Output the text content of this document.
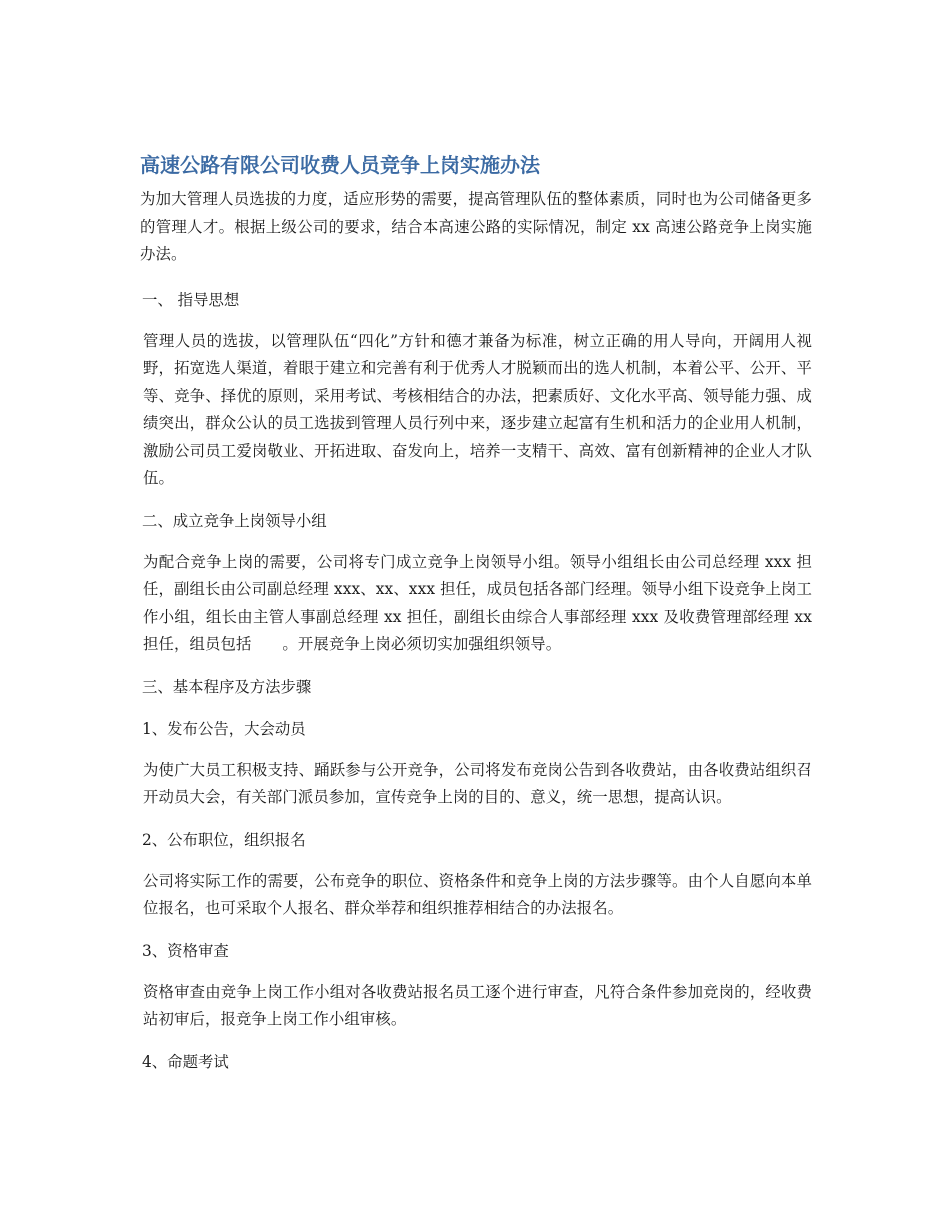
高速公路有限公司收费人员竞争上岗实施办法

为加大管理人员选拔的力度，适应形势的需要，提高管理队伍的整体素质，同时也为公司储备更多的管理人才。根据上级公司的要求，结合本高速公路的实际情况，制定 xx 高速公路竞争上岗实施办法。

一、 指导思想

管理人员的选拔，以管理队伍“四化”方针和德才兼备为标准，树立正确的用人导向，开阔用人视野，拓宽选人渠道，着眼于建立和完善有利于优秀人才脱颖而出的选人机制，本着公平、公开、平等、竞争、择优的原则，采用考试、考核相结合的办法，把素质好、文化水平高、领导能力强、成绩突出，群众公认的员工选拔到管理人员行列中来，逐步建立起富有生机和活力的企业用人机制，激励公司员工爱岗敬业、开拓进取、奋发向上，培养一支精干、高效、富有创新精神的企业人才队伍。

二、成立竞争上岗领导小组

为配合竞争上岗的需要，公司将专门成立竞争上岗领导小组。领导小组组长由公司总经理 xxx 担任，副组长由公司副总经理 xxx、xx、xxx 担任，成员包括各部门经理。领导小组下设竞争上岗工作小组，组长由主管人事副总经理 xx 担任，副组长由综合人事部经理 xxx 及收费管理部经理 xx 担任，组员包括　　。开展竞争上岗必须切实加强组织领导。

三、基本程序及方法步骤

1、发布公告，大会动员

为使广大员工积极支持、踊跃参与公开竞争，公司将发布竞岗公告到各收费站，由各收费站组织召开动员大会，有关部门派员参加，宣传竞争上岗的目的、意义，统一思想，提高认识。

2、公布职位，组织报名

公司将实际工作的需要，公布竞争的职位、资格条件和竞争上岗的方法步骤等。由个人自愿向本单位报名，也可采取个人报名、群众举荐和组织推荐相结合的办法报名。

3、资格审查

资格审查由竞争上岗工作小组对各收费站报名员工逐个进行审查，凡符合条件参加竞岗的，经收费站初审后，报竞争上岗工作小组审核。

4、命题考试
